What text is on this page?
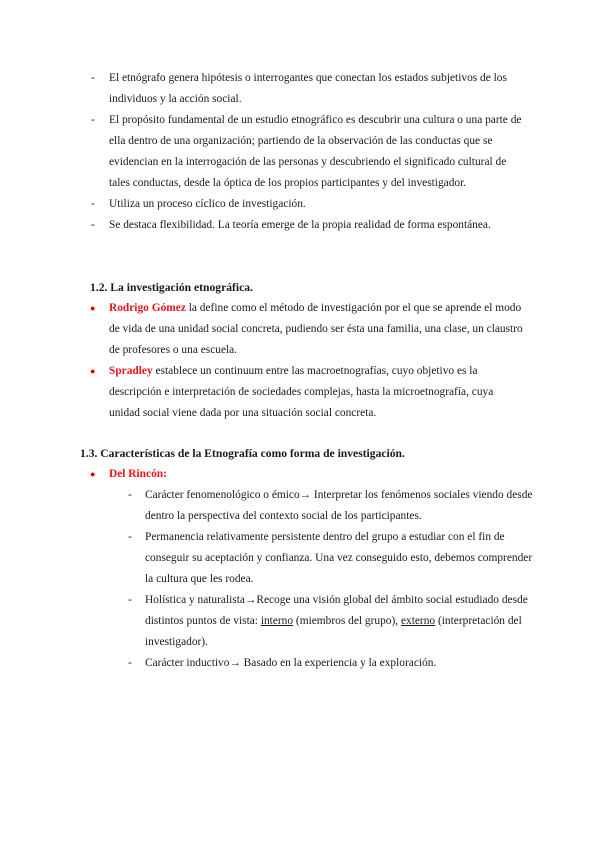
- El etnógrafo genera hipótesis o interrogantes que conectan los estados subjetivos de los individuos y la acción social.
- El propósito fundamental de un estudio etnográfico es descubrir una cultura o una parte de ella dentro de una organización; partiendo de la observación de las conductas que se evidencian en la interrogación de las personas y descubriendo el significado cultural de tales conductas, desde la óptica de los propios participantes y del investigador.
- Utiliza un proceso cíclico de investigación.
- Se destaca flexibilidad. La teoría emerge de la propia realidad de forma espontánea.
1.2. La investigación etnográfica.
● Rodrigo Gómez la define como el método de investigación por el que se aprende el modo de vida de una unidad social concreta, pudiendo ser ésta una familia, una clase, un claustro de profesores o una escuela.
● Spradley establece un continuum entre las macroetnografías, cuyo objetivo es la descripción e interpretación de sociedades complejas, hasta la microetnografía, cuya unidad social viene dada por una situación social concreta.
1.3. Características de la Etnografía como forma de investigación.
● Del Rincón:
- Carácter fenomenológico o émico→ Interpretar los fenómenos sociales viendo desde dentro la perspectiva del contexto social de los participantes.
- Permanencia relativamente persistente dentro del grupo a estudiar con el fin de conseguir su aceptación y confianza. Una vez conseguido esto, debemos comprender la cultura que les rodea.
- Holística y naturalista→Recoge una visión global del ámbito social estudiado desde distintos puntos de vista: interno (miembros del grupo), externo (interpretación del investigador).
- Carácter inductivo→ Basado en la experiencia y la exploración.
